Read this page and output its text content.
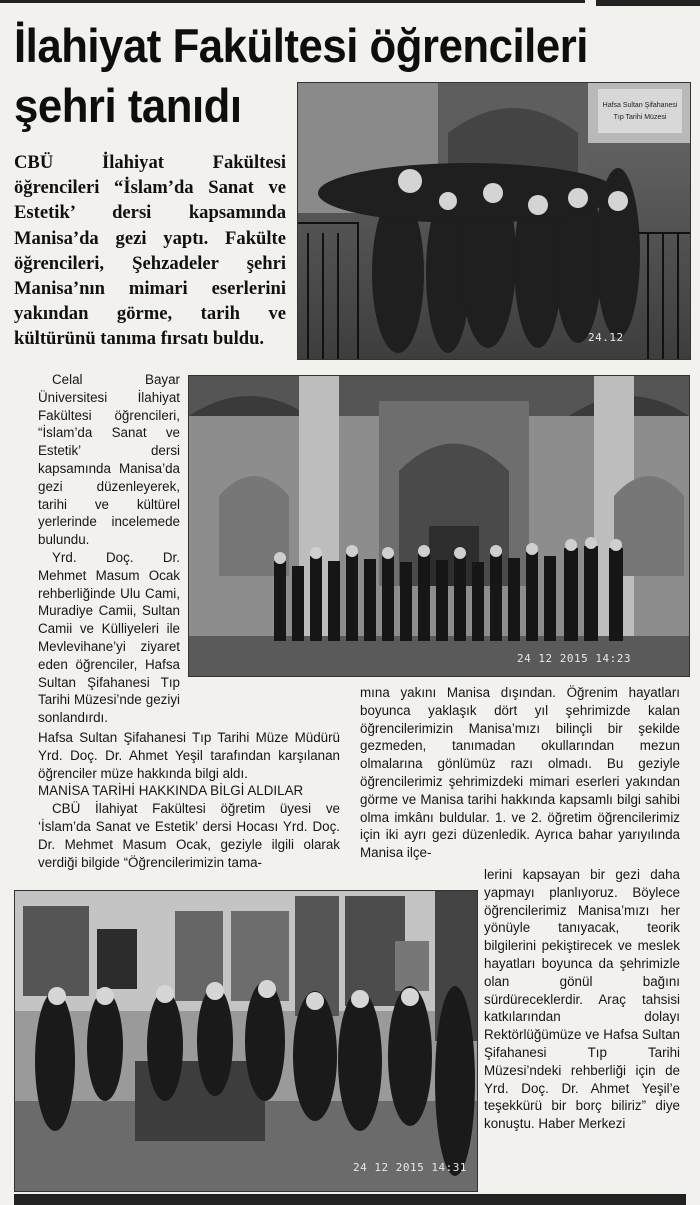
İlahiyat Fakültesi öğrencileri
şehri tanıdı

CBÜ İlahiyat Fakültesi öğrencileri “İslam’da Sanat ve Estetik’ dersi kapsamında Manisa’da gezi yaptı. Fakülte öğrencileri, Şehzadeler şehri Manisa’nın mimari eserlerini yakından görme, tarih ve kültürünü tanıma fırsatı buldu.

Hafsa Sultan Şifahanesi
Tıp Tarihi Müzesi
24.12
24 12 2015 14:23
24 12 2015 14:31

Celal Bayar Üniversitesi İlahiyat Fakültesi öğrencileri, “İslam’da Sanat ve Estetik’ dersi kapsamında Manisa’da gezi düzenleyerek, tarihi ve kültürel yerlerinde incelemede bulundu.

Yrd. Doç. Dr. Mehmet Masum Ocak rehberliğinde Ulu Cami, Muradiye Camii, Sultan Camii ve Külliyeleri ile Mevlevihane’yi ziyaret eden öğrenciler, Hafsa Sultan Şifahanesi Tıp Tarihi Müzesi’nde geziyi sonlandırdı.

Hafsa Sultan Şifahanesi Tıp Tarihi Müze Müdürü Yrd. Doç. Dr. Ahmet Yeşil tarafından karşılanan öğrenciler müze hakkında bilgi aldı.

MANİSA TARİHİ HAKKINDA BİLGİ ALDILAR

CBÜ İlahiyat Fakültesi öğretim üyesi ve ‘İslam’da Sanat ve Estetik’ dersi Hocası Yrd. Doç. Dr. Mehmet Masum Ocak, geziyle ilgili olarak verdiği bilgide “Öğrencilerimizin tama-

mına yakını Manisa dışından. Öğrenim hayatları boyunca yaklaşık dört yıl şehrimizde kalan öğrencilerimizin Manisa’mızı bilinçli bir şekilde gezmeden, tanımadan okullarından mezun olmalarına gönlümüz razı olmadı. Bu geziyle öğrencilerimiz şehrimizdeki mimari eserleri yakından görme ve Manisa tarihi hakkında kapsamlı bilgi sahibi olma imkânı buldular. 1. ve 2. öğretim öğrencilerimiz için iki ayrı gezi düzenledik. Ayrıca bahar yarıyılında Manisa ilçe-

lerini kapsayan bir gezi daha yapmayı planlıyoruz. Böylece öğrencilerimiz Manisa’mızı her yönüyle tanıyacak, teorik bilgilerini pekiştirecek ve meslek hayatları boyunca da şehrimizle olan gönül bağını sürdüreceklerdir. Araç tahsisi katkılarından dolayı Rektörlüğümüze ve Hafsa Sultan Şifahanesi Tıp Tarihi Müzesi’ndeki rehberliği için de Yrd. Doç. Dr. Ahmet Yeşil’e teşekkürü bir borç biliriz” diye konuştu. Haber Merkezi
